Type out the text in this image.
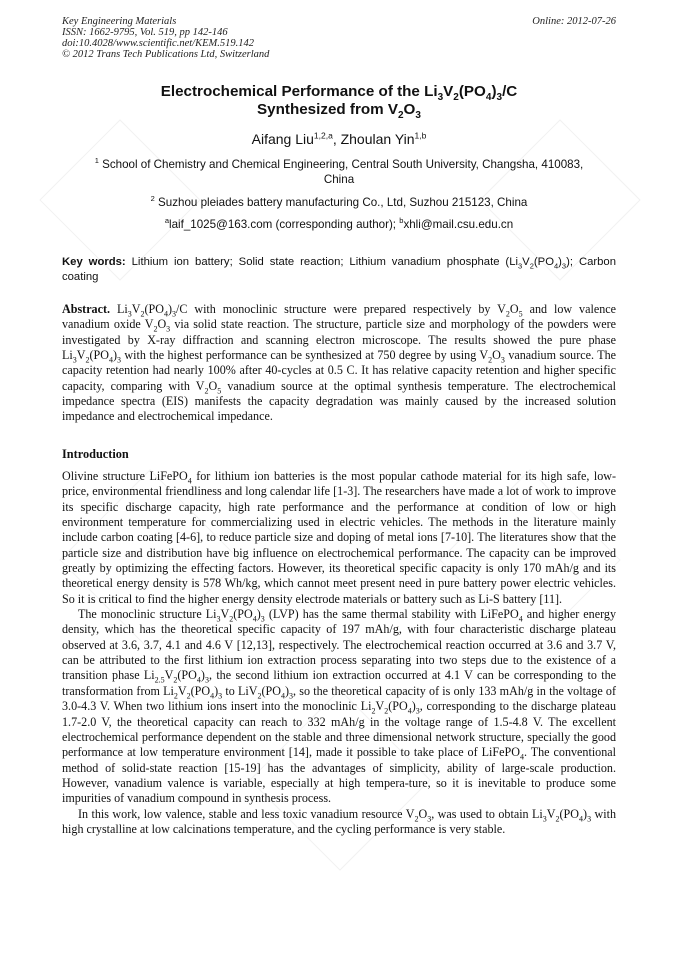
Key Engineering Materials
ISSN: 1662-9795, Vol. 519, pp 142-146
doi:10.4028/www.scientific.net/KEM.519.142
© 2012 Trans Tech Publications Ltd, Switzerland
Online: 2012-07-26
Electrochemical Performance of the $Li_3V_2(PO_4)_3/C$
Synthesized from $V_2O_3$
Aifang Liu$^{1,2,a}$, Zhoulan Yin$^{1,b}$
$^1$ School of Chemistry and Chemical Engineering, Central South University, Changsha, 410083,
China
$^2$ Suzhou pleiades battery manufacturing Co., Ltd, Suzhou 215123, China
$^a$laif_1025@163.com (corresponding author); $^b$xhli@mail.csu.edu.cn
Key words: Lithium ion battery; Solid state reaction; Lithium vanadium phosphate $(Li_3V_2(PO_4)_3)$; Carbon coating

Abstract. $Li_3V_2(PO_4)_3/C$ with monoclinic structure were prepared respectively by $V_2O_5$ and low valence vanadium oxide $V_2O_3$ via solid state reaction. The structure, particle size and morphology of the powders were investigated by X-ray diffraction and scanning electron microscope. The results showed the pure phase $Li_3V_2(PO_4)_3$ with the highest performance can be synthesized at 750 degree by using $V_2O_3$ vanadium source. The capacity retention had nearly 100% after 40-cycles at 0.5 C. It has relative capacity retention and higher specific capacity, comparing with $V_2O_5$ vanadium source at the optimal synthesis temperature. The electrochemical impedance spectra (EIS) manifests the capacity degradation was mainly caused by the increased solution impedance and electrochemical impedance.

Introduction

Olivine structure LiFePO$_4$ for lithium ion batteries is the most popular cathode material for its high safe, low-price, environmental friendliness and long calendar life [1-3]. The researchers have made a lot of work to improve its specific discharge capacity, high rate performance and the performance at condition of low or high environment temperature for commercializing used in electric vehicles. The methods in the literature mainly include carbon coating [4-6], to reduce particle size and doping of metal ions [7-10]. The literatures show that the particle size and distribution have big influence on electrochemical performance. The capacity can be improved greatly by optimizing the effecting factors. However, its theoretical specific capacity is only 170 mAh/g and its theoretical energy density is 578 Wh/kg, which cannot meet present need in pure battery power electric vehicles. So it is critical to find the higher energy density electrode materials or battery such as Li-S battery [11].

The monoclinic structure $Li_3V_2(PO_4)_3$ (LVP) has the same thermal stability with LiFePO$_4$ and higher energy density, which has the theoretical specific capacity of 197 mAh/g, with four characteristic discharge plateau observed at 3.6, 3.7, 4.1 and 4.6 V [12,13], respectively. The electrochemical reaction occurred at 3.6 and 3.7 V, can be attributed to the first lithium ion extraction process separating into two steps due to the existence of a transition phase $Li_{2.5}V_2(PO_4)_3$, the second lithium ion extraction occurred at 4.1 V can be corresponding to the transformation from $Li_2V_2(PO_4)_3$ to $LiV_2(PO_4)_3$, so the theoretical capacity of is only 133 mAh/g in the voltage of 3.0-4.3 V. When two lithium ions insert into the monoclinic $Li_2V_2(PO_4)_3$, corresponding to the discharge plateau 1.7-2.0 V, the theoretical capacity can reach to 332 mAh/g in the voltage range of 1.5-4.8 V. The excellent electrochemical performance dependent on the stable and three dimensional network structure, specially the good performance at low temperature environment [14], made it possible to take place of LiFePO$_4$. The conventional method of solid-state reaction [15-19] has the advantages of simplicity, ability of large-scale production. However, vanadium valence is variable, especially at high tempera-ture, so it is inevitable to produce some impurities of vanadium compound in synthesis process.

In this work, low valence, stable and less toxic vanadium resource $V_2O_3$, was used to obtain $Li_3V_2(PO_4)_3$ with high crystalline at low calcinations temperature, and the cycling performance is very stable.
